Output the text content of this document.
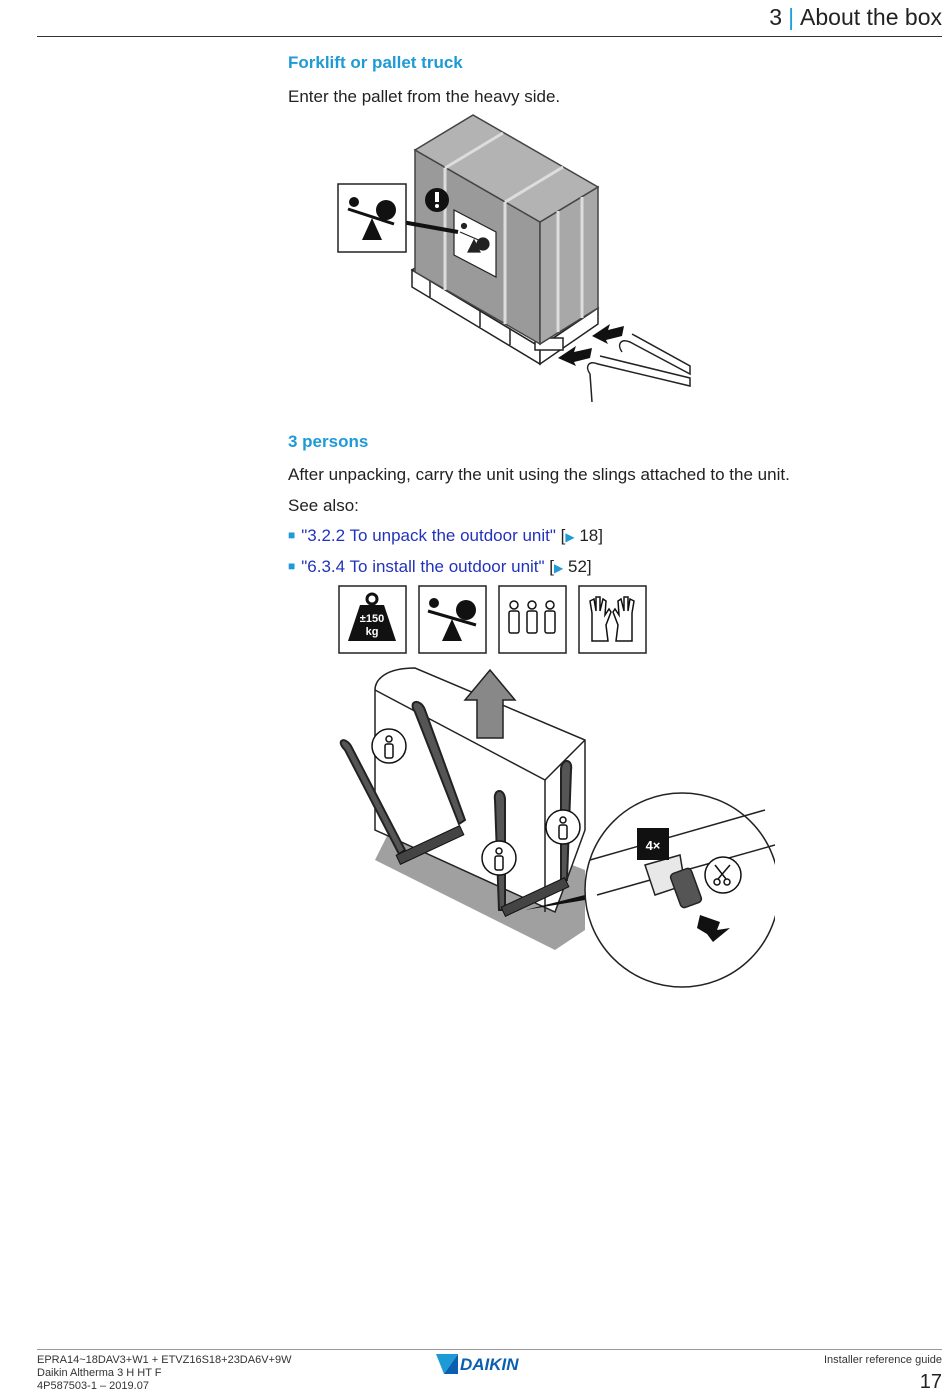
3 | About the box
Forklift or pallet truck
Enter the pallet from the heavy side.
3 persons
After unpacking, carry the unit using the slings attached to the unit.
See also:
■ "3.2.2 To unpack the outdoor unit" [▶ 18]
■ "6.3.4 To install the outdoor unit" [▶ 52]
±150
kg
4×
EPRA14~18DAV3+W1 + ETVZ16S18+23DA6V+9W
Daikin Altherma 3 H HT F
4P587503-1 – 2019.07
DAIKIN	Installer reference guide
17
